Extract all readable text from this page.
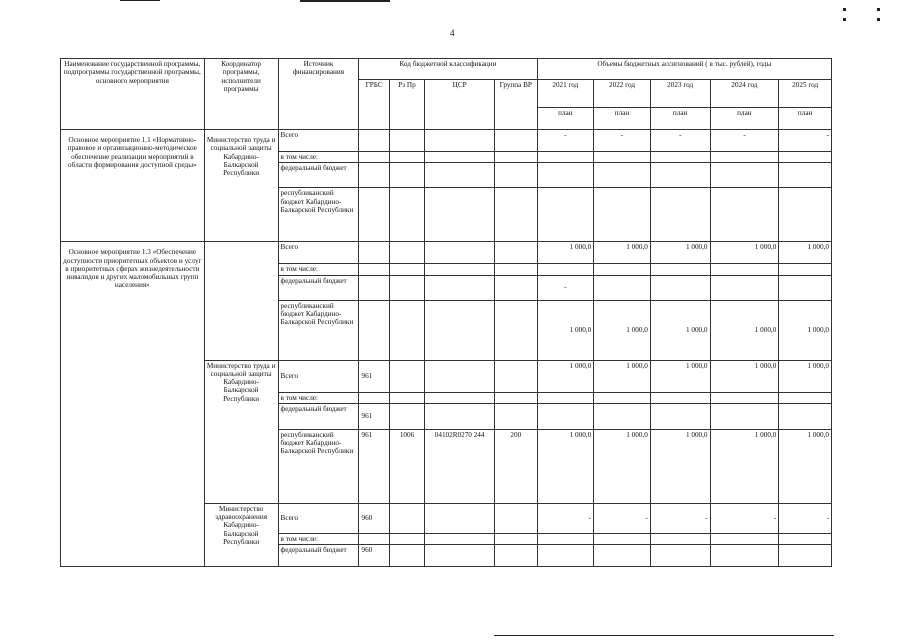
4
Наименование государственной программы, подпрограммы государственной программы, основного мероприятия	Координатор программы, исполнители программы	Источник финансирования	Код бюджетной классификации				Объемы бюджетных ассигнований ( в тыс. рублей), годы				
			ГРБС	Рз Пр	ЦСР	Группа ВР	2021 год	2022 год	2023 год	2024 год	2025 год
							план	план	план	план	план
Основное мероприятие 1.1 «Нормативно-правовое и организационно-методическое обеспечение реализации мероприятий в области формирования доступной среды»	Министерство труда и социальной защиты Кабардино-Балкарской Республики	Всего					-	-	-	-	-
		в том числе:									
		федеральный бюджет									
		республиканский бюджет Кабардино-Балкарской Республики									
Основное мероприятие 1.3 «Обеспечение доступности приоритетных объектов и услуг в приоритетных сферах жизнедеятельности инвалидов и других маломобильных групп населения»		Всего					1 000,0	1 000,0	1 000,0	1 000,0	1 000,0
		в том числе:									
		федеральный бюджет					-				
		республиканский бюджет Кабардино-Балкарской Республики					1 000,0	1 000,0	1 000,0	1 000,0	1 000,0
	Министерство труда и социальной защиты Кабардино-Балкарской Республики	Всего	961				1 000,0	1 000,0	1 000,0	1 000,0	1 000,0
		в том числе:									
		федеральный бюджет	961								
		республиканский бюджет Кабардино-Балкарской Республики	961	1006	04102R0270 244	200	1 000,0	1 000,0	1 000,0	1 000,0	1 000,0
	Министерство здравоохранения Кабардино-Балкарской Республики	Всего	960				-	-	-	-	-
		в том числе:									
		федеральный бюджет	960								
